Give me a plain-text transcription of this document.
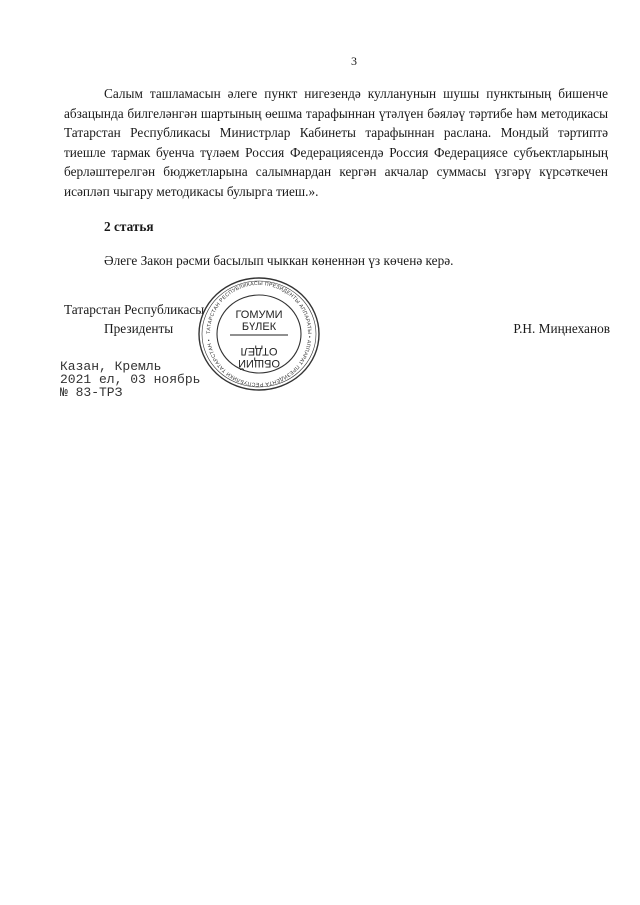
3

Салым ташламасын әлеге пункт нигезендә кулланунын шушы пунктының бишенче абзацында билгеләнгән шартының өешма тарафыннан үтәлүен бәяләү тәртибе һәм методикасы Татарстан Республикасы Министрлар Кабинеты тарафыннан раслана. Мондый тәртиптә тиешле тармак буенча түләем Россия Федерациясендә Россия Федерациясе субъектларының берләштерелгән бюджетларына салымнардан кергән акчалар суммасы үзгәрү күрсәткечен исәпләп чыгару методикасы булырга тиеш.».

2 статья

Әлеге Закон рәсми басылып чыккан көненнән үз көченә керә.

Татарстан Республикасы
Президенты	Р.Н. Миңнеханов
ТАТАРСТАН РЕСПУБЛИКАСЫ ПРЕЗИДЕНТЫ АППАРАТЫ • АППАРАТ ПРЕЗИДЕНТА РЕСПУБЛИКИ ТАТАРСТАН •
ГОМУМИ
БҮЛЕК
ОТДЕЛ
ОБЩИЙ
Казан, Кремль
2021 ел, 03 ноябрь
№ 83-ТРЗ
